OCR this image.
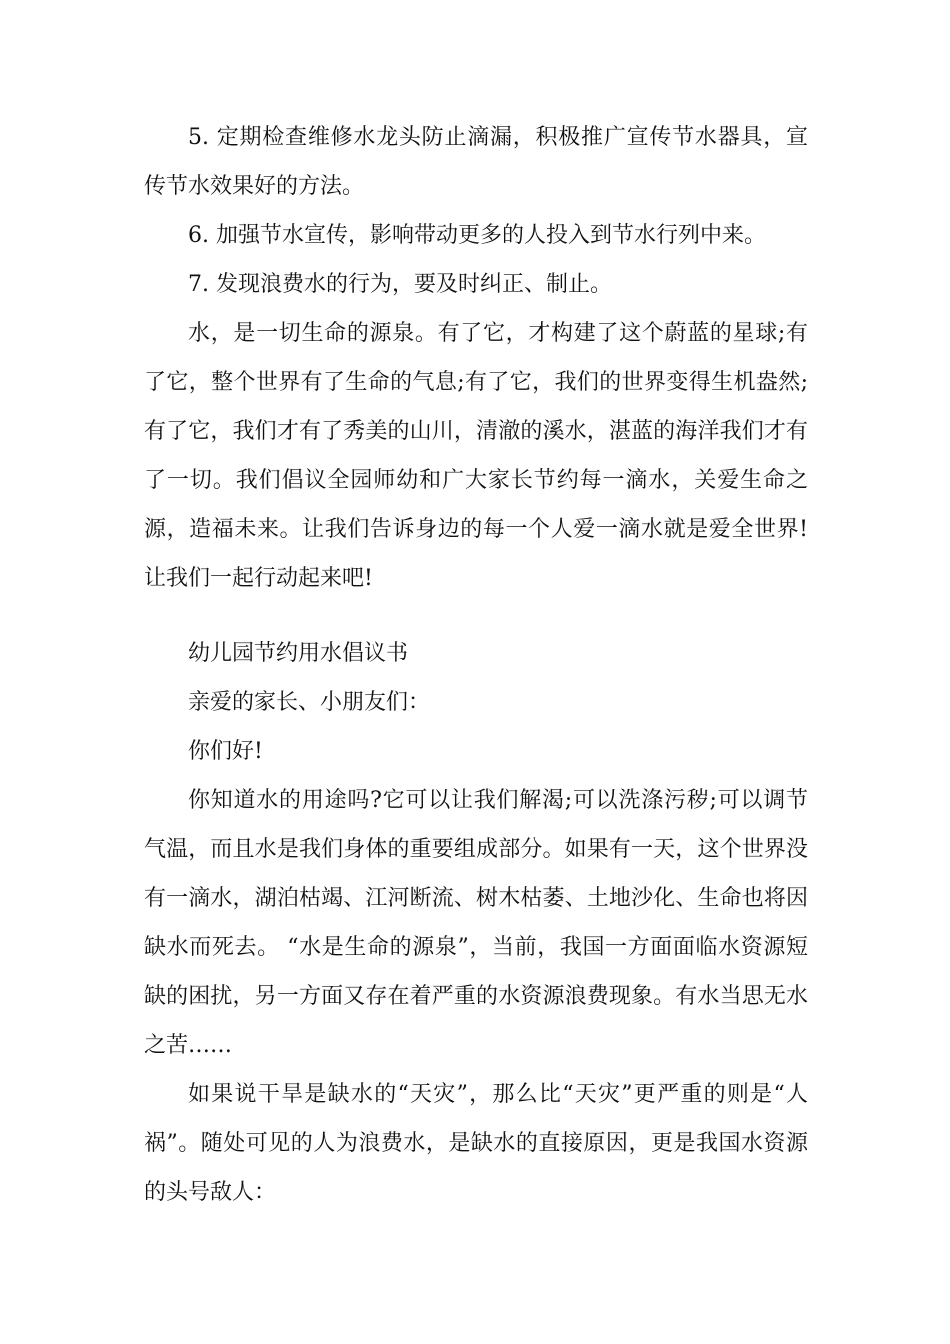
5. 定期检查维修水龙头防止滴漏，积极推广宣传节水器具，宣传节水效果好的方法。

6. 加强节水宣传，影响带动更多的人投入到节水行列中来。

7. 发现浪费水的行为，要及时纠正、制止。

水，是一切生命的源泉。有了它，才构建了这个蔚蓝的星球;有了它，整个世界有了生命的气息;有了它，我们的世界变得生机盎然;有了它，我们才有了秀美的山川，清澈的溪水，湛蓝的海洋我们才有了一切。我们倡议全园师幼和广大家长节约每一滴水，关爱生命之源，造福未来。让我们告诉身边的每一个人爱一滴水就是爱全世界!让我们一起行动起来吧!

幼儿园节约用水倡议书

亲爱的家长、小朋友们：

你们好!

你知道水的用途吗?它可以让我们解渴;可以洗涤污秽;可以调节气温，而且水是我们身体的重要组成部分。如果有一天，这个世界没有一滴水，湖泊枯竭、江河断流、树木枯萎、土地沙化、生命也将因缺水而死去。 “水是生命的源泉”，当前，我国一方面面临水资源短缺的困扰，另一方面又存在着严重的水资源浪费现象。有水当思无水之苦……

如果说干旱是缺水的“天灾”，那么比“天灾”更严重的则是“人祸”。随处可见的人为浪费水，是缺水的直接原因，更是我国水资源的头号敌人：
